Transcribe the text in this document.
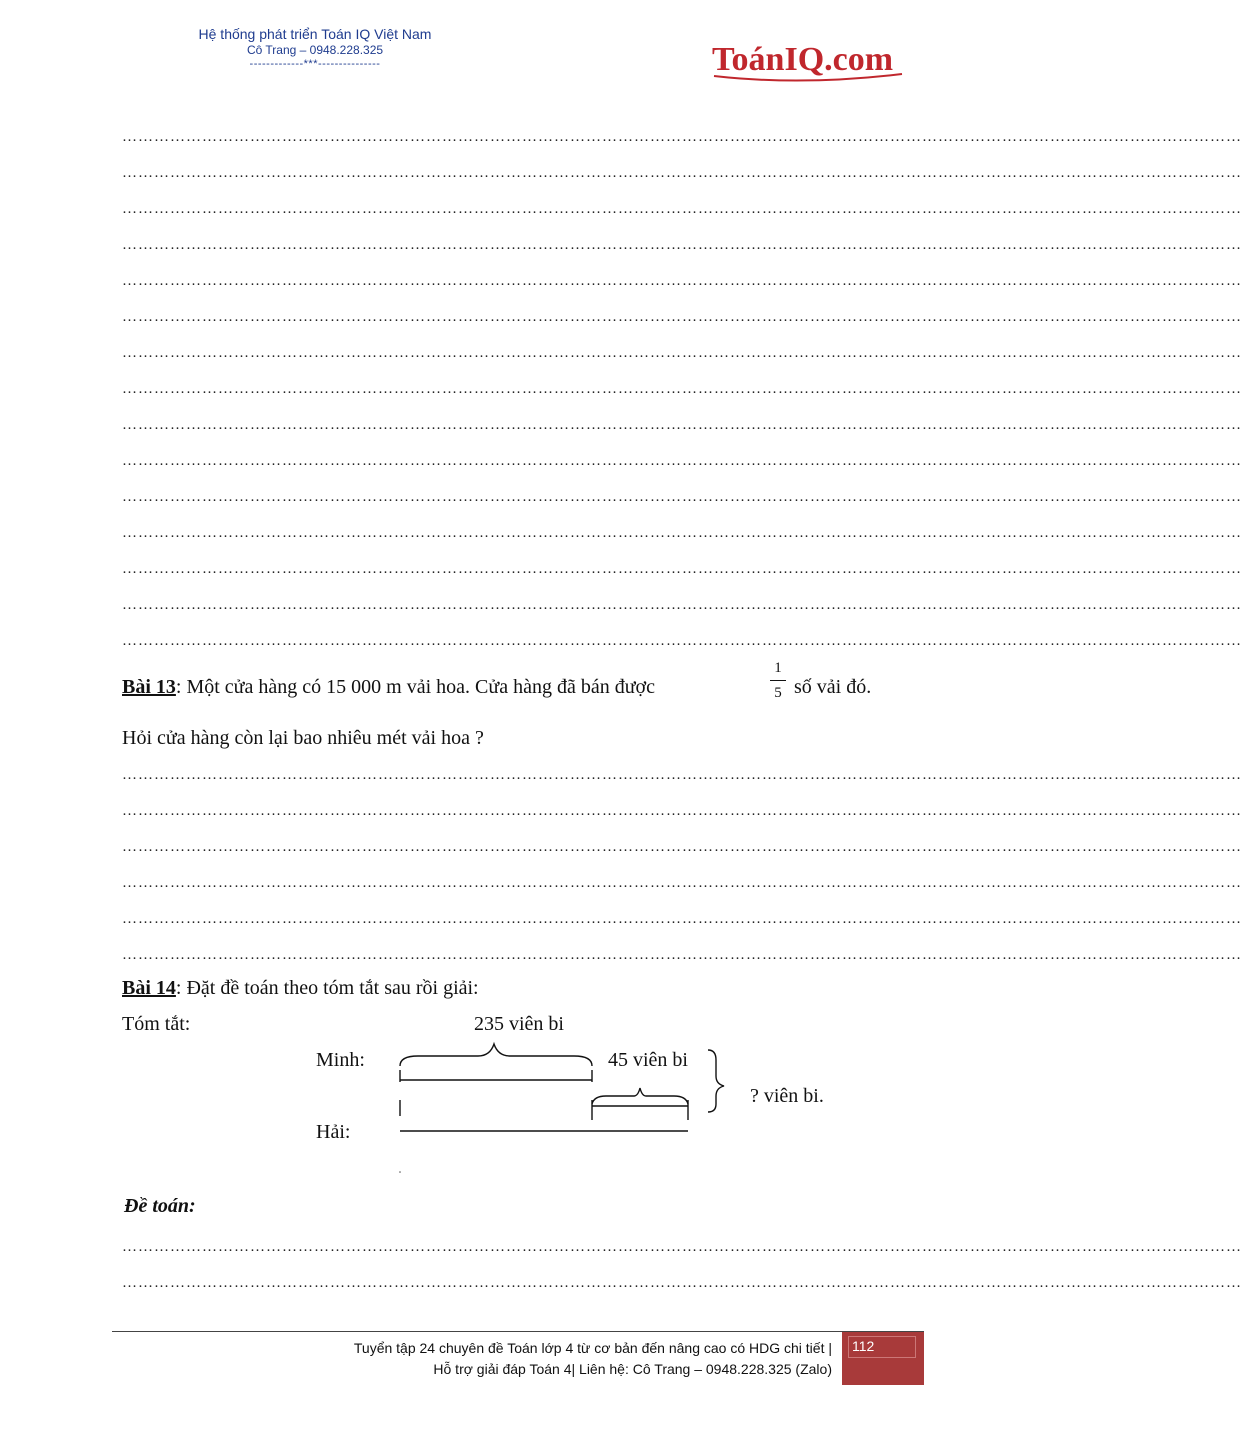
Hệ thống phát triển Toán IQ Việt Nam
Cô Trang – 0948.228.325
-------------***---------------	ToánIQ.com
…………………………………………………………………………………………………………………………………………………………………………………………
…………………………………………………………………………………………………………………………………………………………………………………………
…………………………………………………………………………………………………………………………………………………………………………………………
…………………………………………………………………………………………………………………………………………………………………………………………
…………………………………………………………………………………………………………………………………………………………………………………………
…………………………………………………………………………………………………………………………………………………………………………………………
…………………………………………………………………………………………………………………………………………………………………………………………
…………………………………………………………………………………………………………………………………………………………………………………………
…………………………………………………………………………………………………………………………………………………………………………………………
…………………………………………………………………………………………………………………………………………………………………………………………
…………………………………………………………………………………………………………………………………………………………………………………………
…………………………………………………………………………………………………………………………………………………………………………………………
…………………………………………………………………………………………………………………………………………………………………………………………
…………………………………………………………………………………………………………………………………………………………………………………………
…………………………………………………………………………………………………………………………………………………………………………………………
Bài 13: Một cửa hàng có 15 000 m vải hoa. Cửa hàng đã bán được
1
5 số vải đó.
Hỏi cửa hàng còn lại bao nhiêu mét vải hoa ?
…………………………………………………………………………………………………………………………………………………………………………………………
…………………………………………………………………………………………………………………………………………………………………………………………
…………………………………………………………………………………………………………………………………………………………………………………………
…………………………………………………………………………………………………………………………………………………………………………………………
…………………………………………………………………………………………………………………………………………………………………………………………
…………………………………………………………………………………………………………………………………………………………………………………………
Bài 14: Đặt đề toán theo tóm tắt sau rồi giải:
Tóm tắt:	235 viên bi
Minh:	45 viên bi
? viên bi.
Hải:
Đề toán:
…………………………………………………………………………………………………………………………………………………………………………………………
…………………………………………………………………………………………………………………………………………………………………………………………
Tuyển tập 24 chuyên đề Toán lớp 4 từ cơ bản đến nâng cao có HDG chi tiết |
Hỗ trợ giải đáp Toán 4| Liên hệ: Cô Trang – 0948.228.325 (Zalo)
112
